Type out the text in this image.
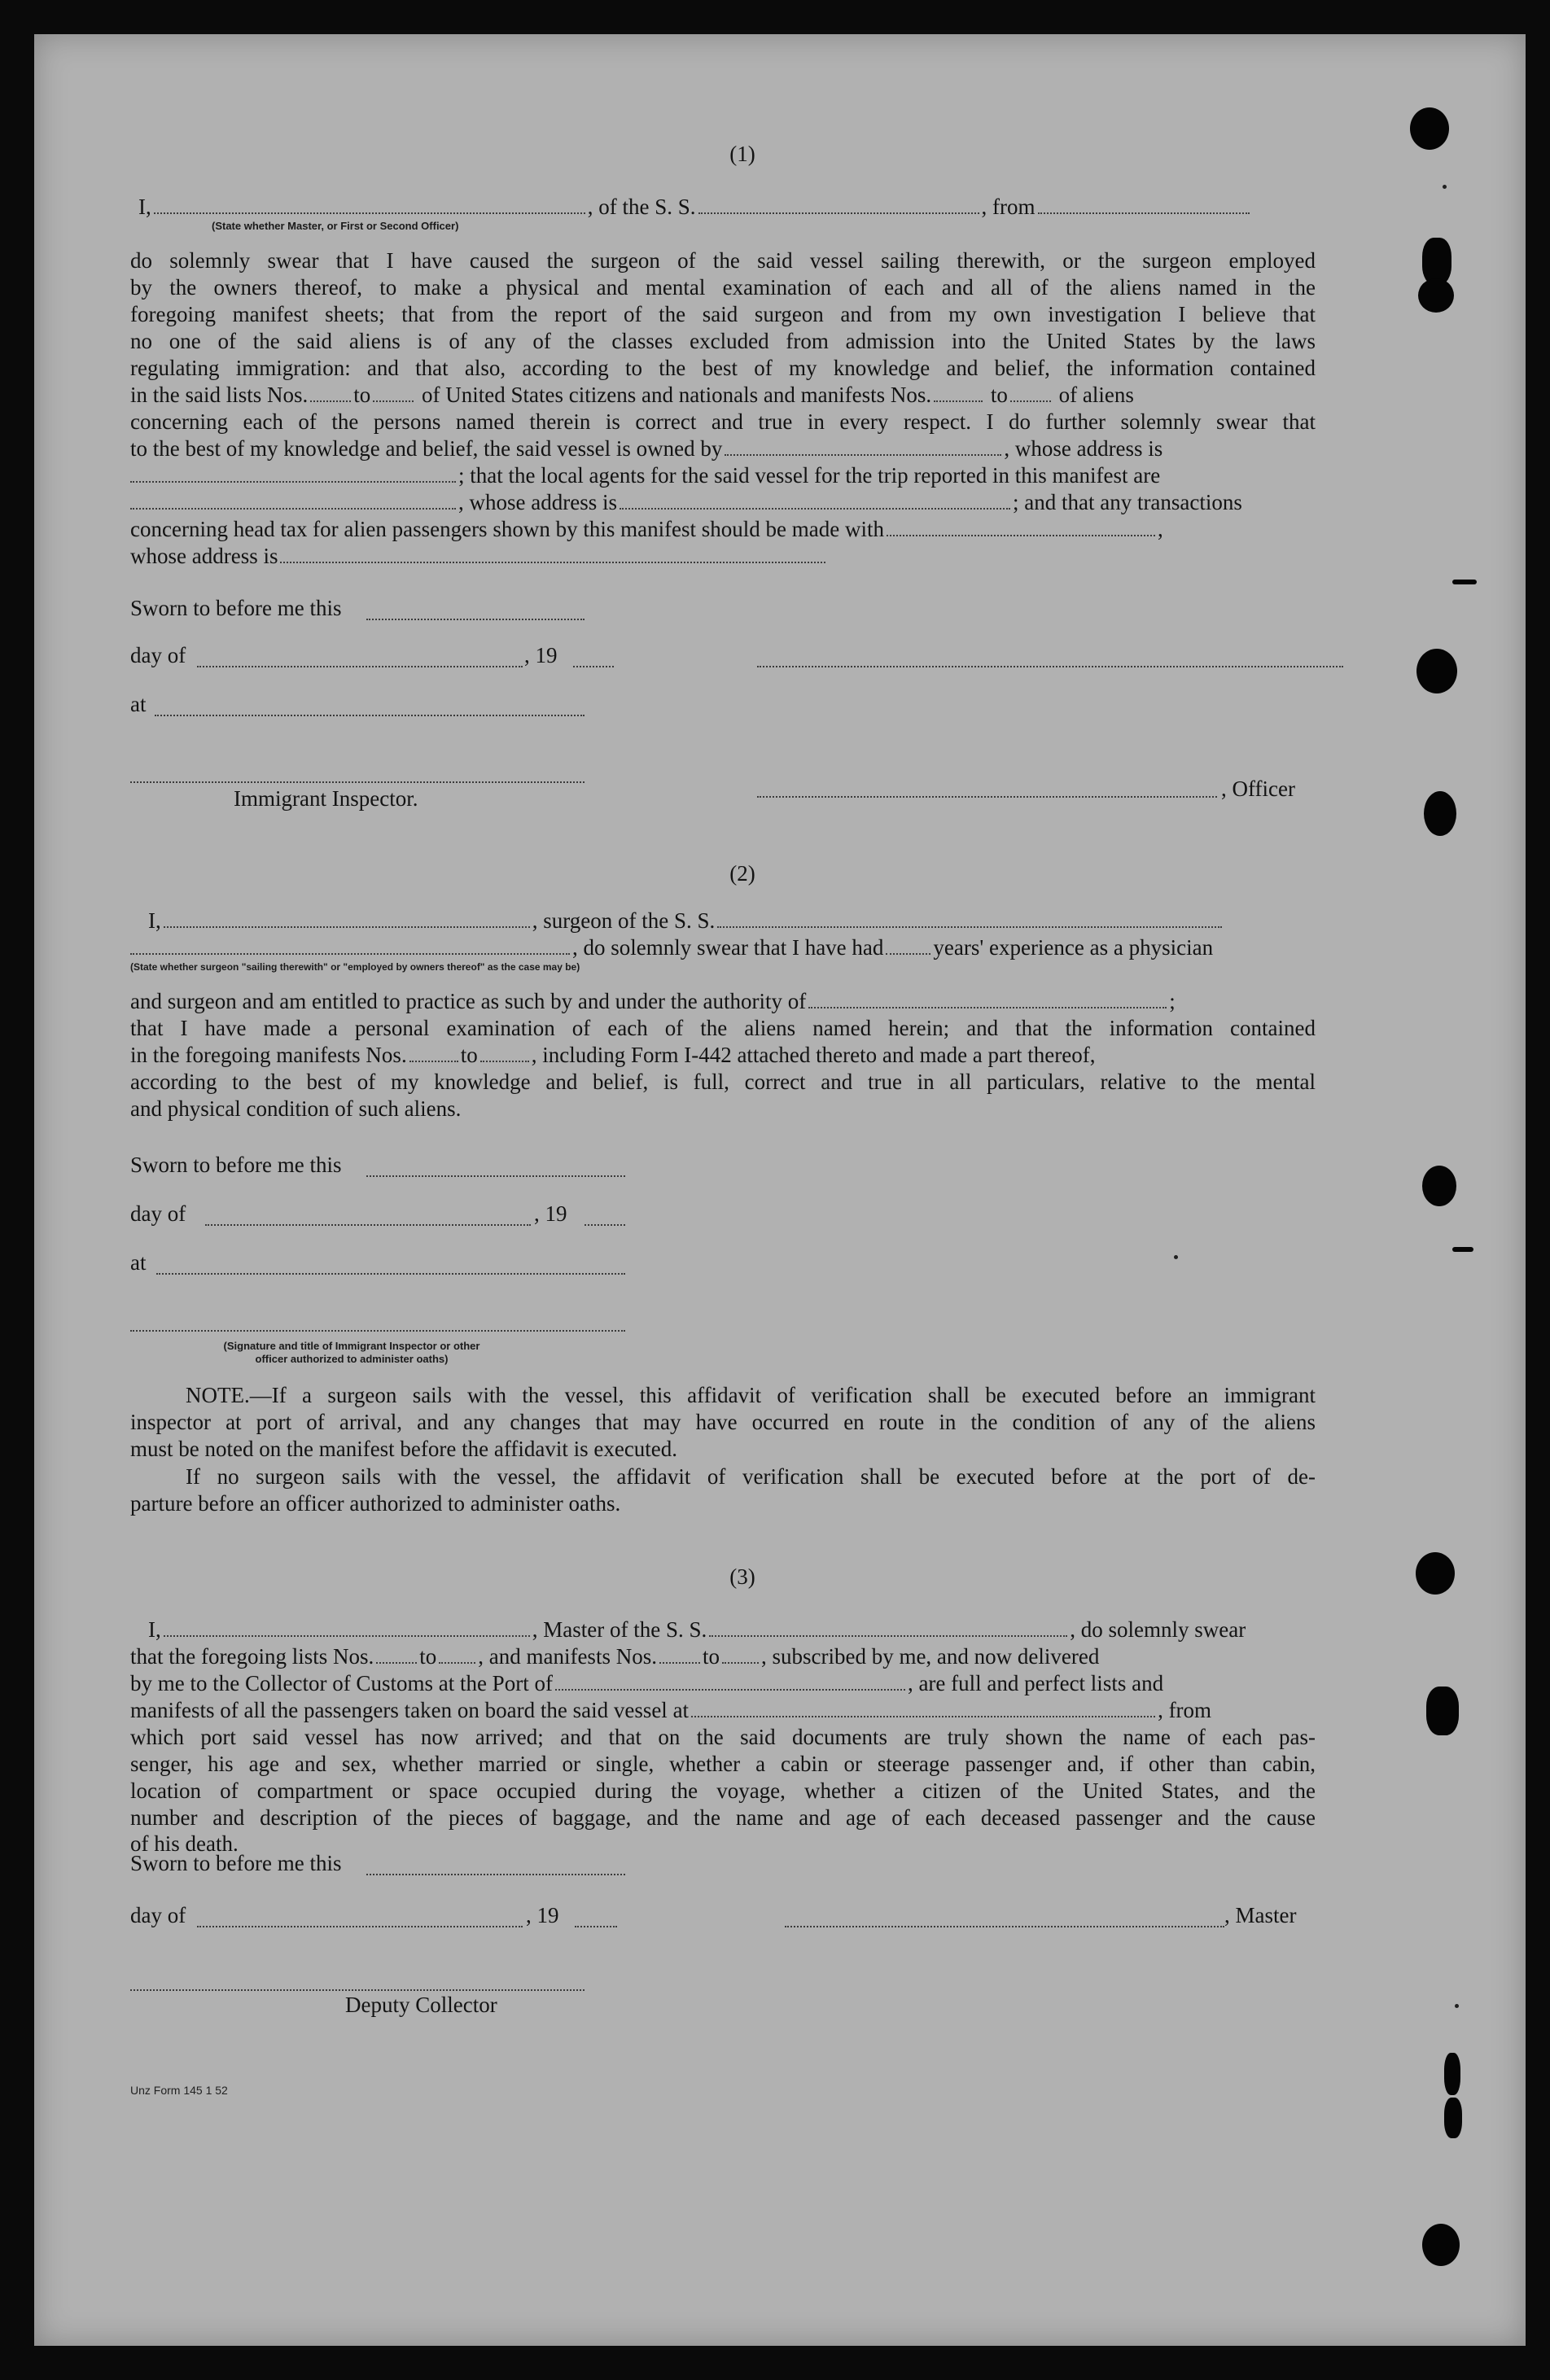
(1)
I,	, of the S. S.	, from
(State whether Master, or First or Second Officer)
do solemnly swear that I have caused the surgeon of the said vessel sailing therewith, or the surgeon employed
by the owners thereof, to make a physical and mental examination of each and all of the aliens named in the
foregoing manifest sheets; that from the report of the said surgeon and from my own investigation I believe that
no one of the said aliens is of any of the classes excluded from admission into the United States by the laws
regulating immigration: and that also, according to the best of my knowledge and belief, the information contained
in the said lists Nos. to of United States citizens and nationals and manifests Nos.	to of aliens
concerning each of the persons named therein is correct and true in every respect. I do further solemnly swear that
to the best of my knowledge and belief, the said vessel is owned by	, whose address is
; that the local agents for the said vessel for the trip reported in this manifest are
, whose address is	; and that any transactions
concerning head tax for alien passengers shown by this manifest should be made with	,
whose address is
Sworn to before me this
day of	, 19
at
Immigrant Inspector.	, Officer
(2)
I,	, surgeon of the S. S.
, do solemnly swear that I have had years' experience as a physician
(State whether surgeon "sailing therewith" or "employed by owners thereof" as the case may be)
and surgeon and am entitled to practice as such by and under the authority of	;
that I have made a personal examination of each of the aliens named herein; and that the information contained
in the foregoing manifests Nos. to , including Form I-442 attached thereto and made a part thereof,
according to the best of my knowledge and belief, is full, correct and true in all particulars, relative to the mental
and physical condition of such aliens.
Sworn to before me this
day of	, 19
at
(Signature and title of Immigrant Inspector or other
officer authorized to administer oaths)
NOTE.—If a surgeon sails with the vessel, this affidavit of verification shall be executed before an immigrant
inspector at port of arrival, and any changes that may have occurred en route in the condition of any of the aliens
must be noted on the manifest before the affidavit is executed.
If no surgeon sails with the vessel, the affidavit of verification shall be executed before at the port of de-
parture before an officer authorized to administer oaths.
(3)
I,	, Master of the S. S.	, do solemnly swear
that the foregoing lists Nos. to , and manifests Nos. to , subscribed by me, and now delivered
by me to the Collector of Customs at the Port of	, are full and perfect lists and
manifests of all the passengers taken on board the said vessel at	, from
which port said vessel has now arrived; and that on the said documents are truly shown the name of each pas-
senger, his age and sex, whether married or single, whether a cabin or steerage passenger and, if other than cabin,
location of compartment or space occupied during the voyage, whether a citizen of the United States, and the
number and description of the pieces of baggage, and the name and age of each deceased passenger and the cause
of his death.
Sworn to before me this
day of	, 19	, Master
Deputy Collector
Unz Form 145 1 52
